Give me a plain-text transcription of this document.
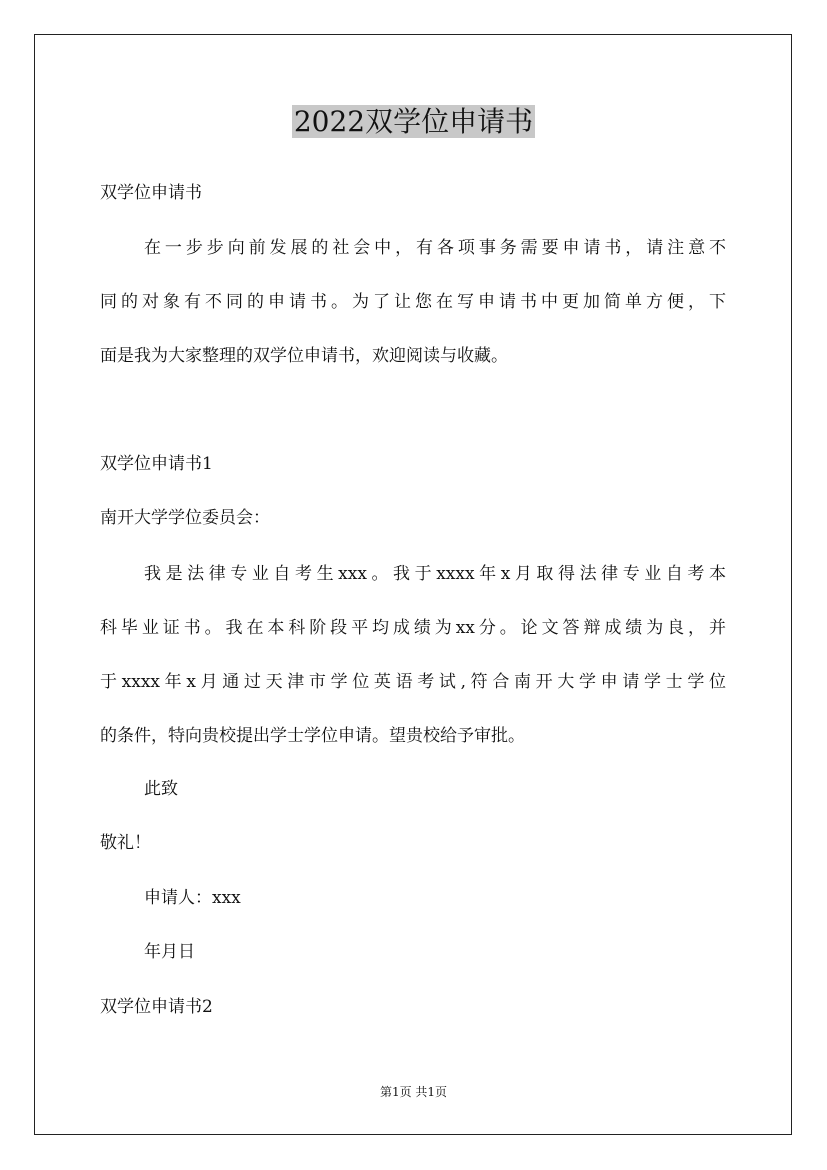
2022双学位申请书

双学位申请书

在一步步向前发展的社会中，有各项事务需要申请书，请注意不

同的对象有不同的申请书。为了让您在写申请书中更加简单方便，下

面是我为大家整理的双学位申请书，欢迎阅读与收藏。

双学位申请书1

南开大学学位委员会：

我是法律专业自考生xxx。我于xxxx年x月取得法律专业自考本

科毕业证书。我在本科阶段平均成绩为xx分。论文答辩成绩为良，并

于xxxx年x月通过天津市学位英语考试,符合南开大学申请学士学位

的条件，特向贵校提出学士学位申请。望贵校给予审批。

此致

敬礼！

申请人：xxx

年月日

双学位申请书2

第1页 共1页
